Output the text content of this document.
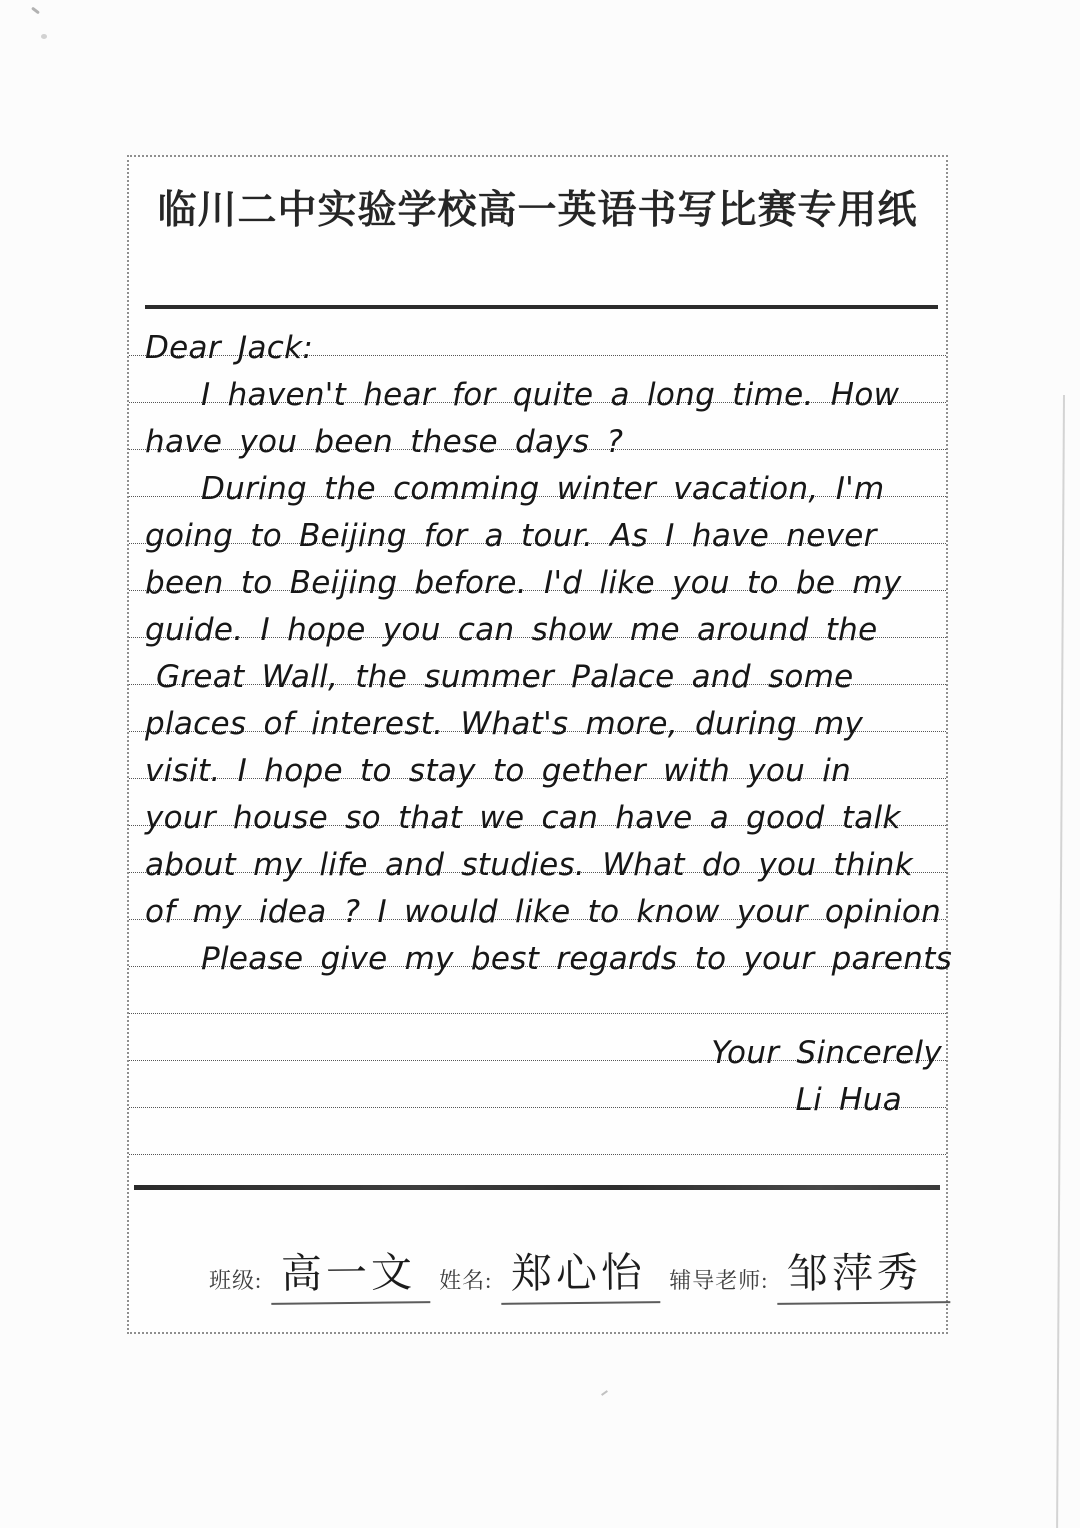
临川二中实验学校高一英语书写比赛专用纸
Dear Jack:
I haven't hear for quite a long time. How
have you been these days ?
During the comming winter vacation, I'm
going to Beijing for a tour. As I have never
been to Beijing before. I'd like you to be my
guide. I hope you can show me around the
Great Wall, the summer Palace and some
places of interest. What's more, during my
visit. I hope to stay to gether with you in
your house so that we can have a good talk
about my life and studies. What do you think
of my idea ? I would like to know your opinion
Please give my best regards to your parents
Your Sincerely
Li Hua
班级: 高一文	姓名: 郑心怡	辅导老师: 邹萍秀
